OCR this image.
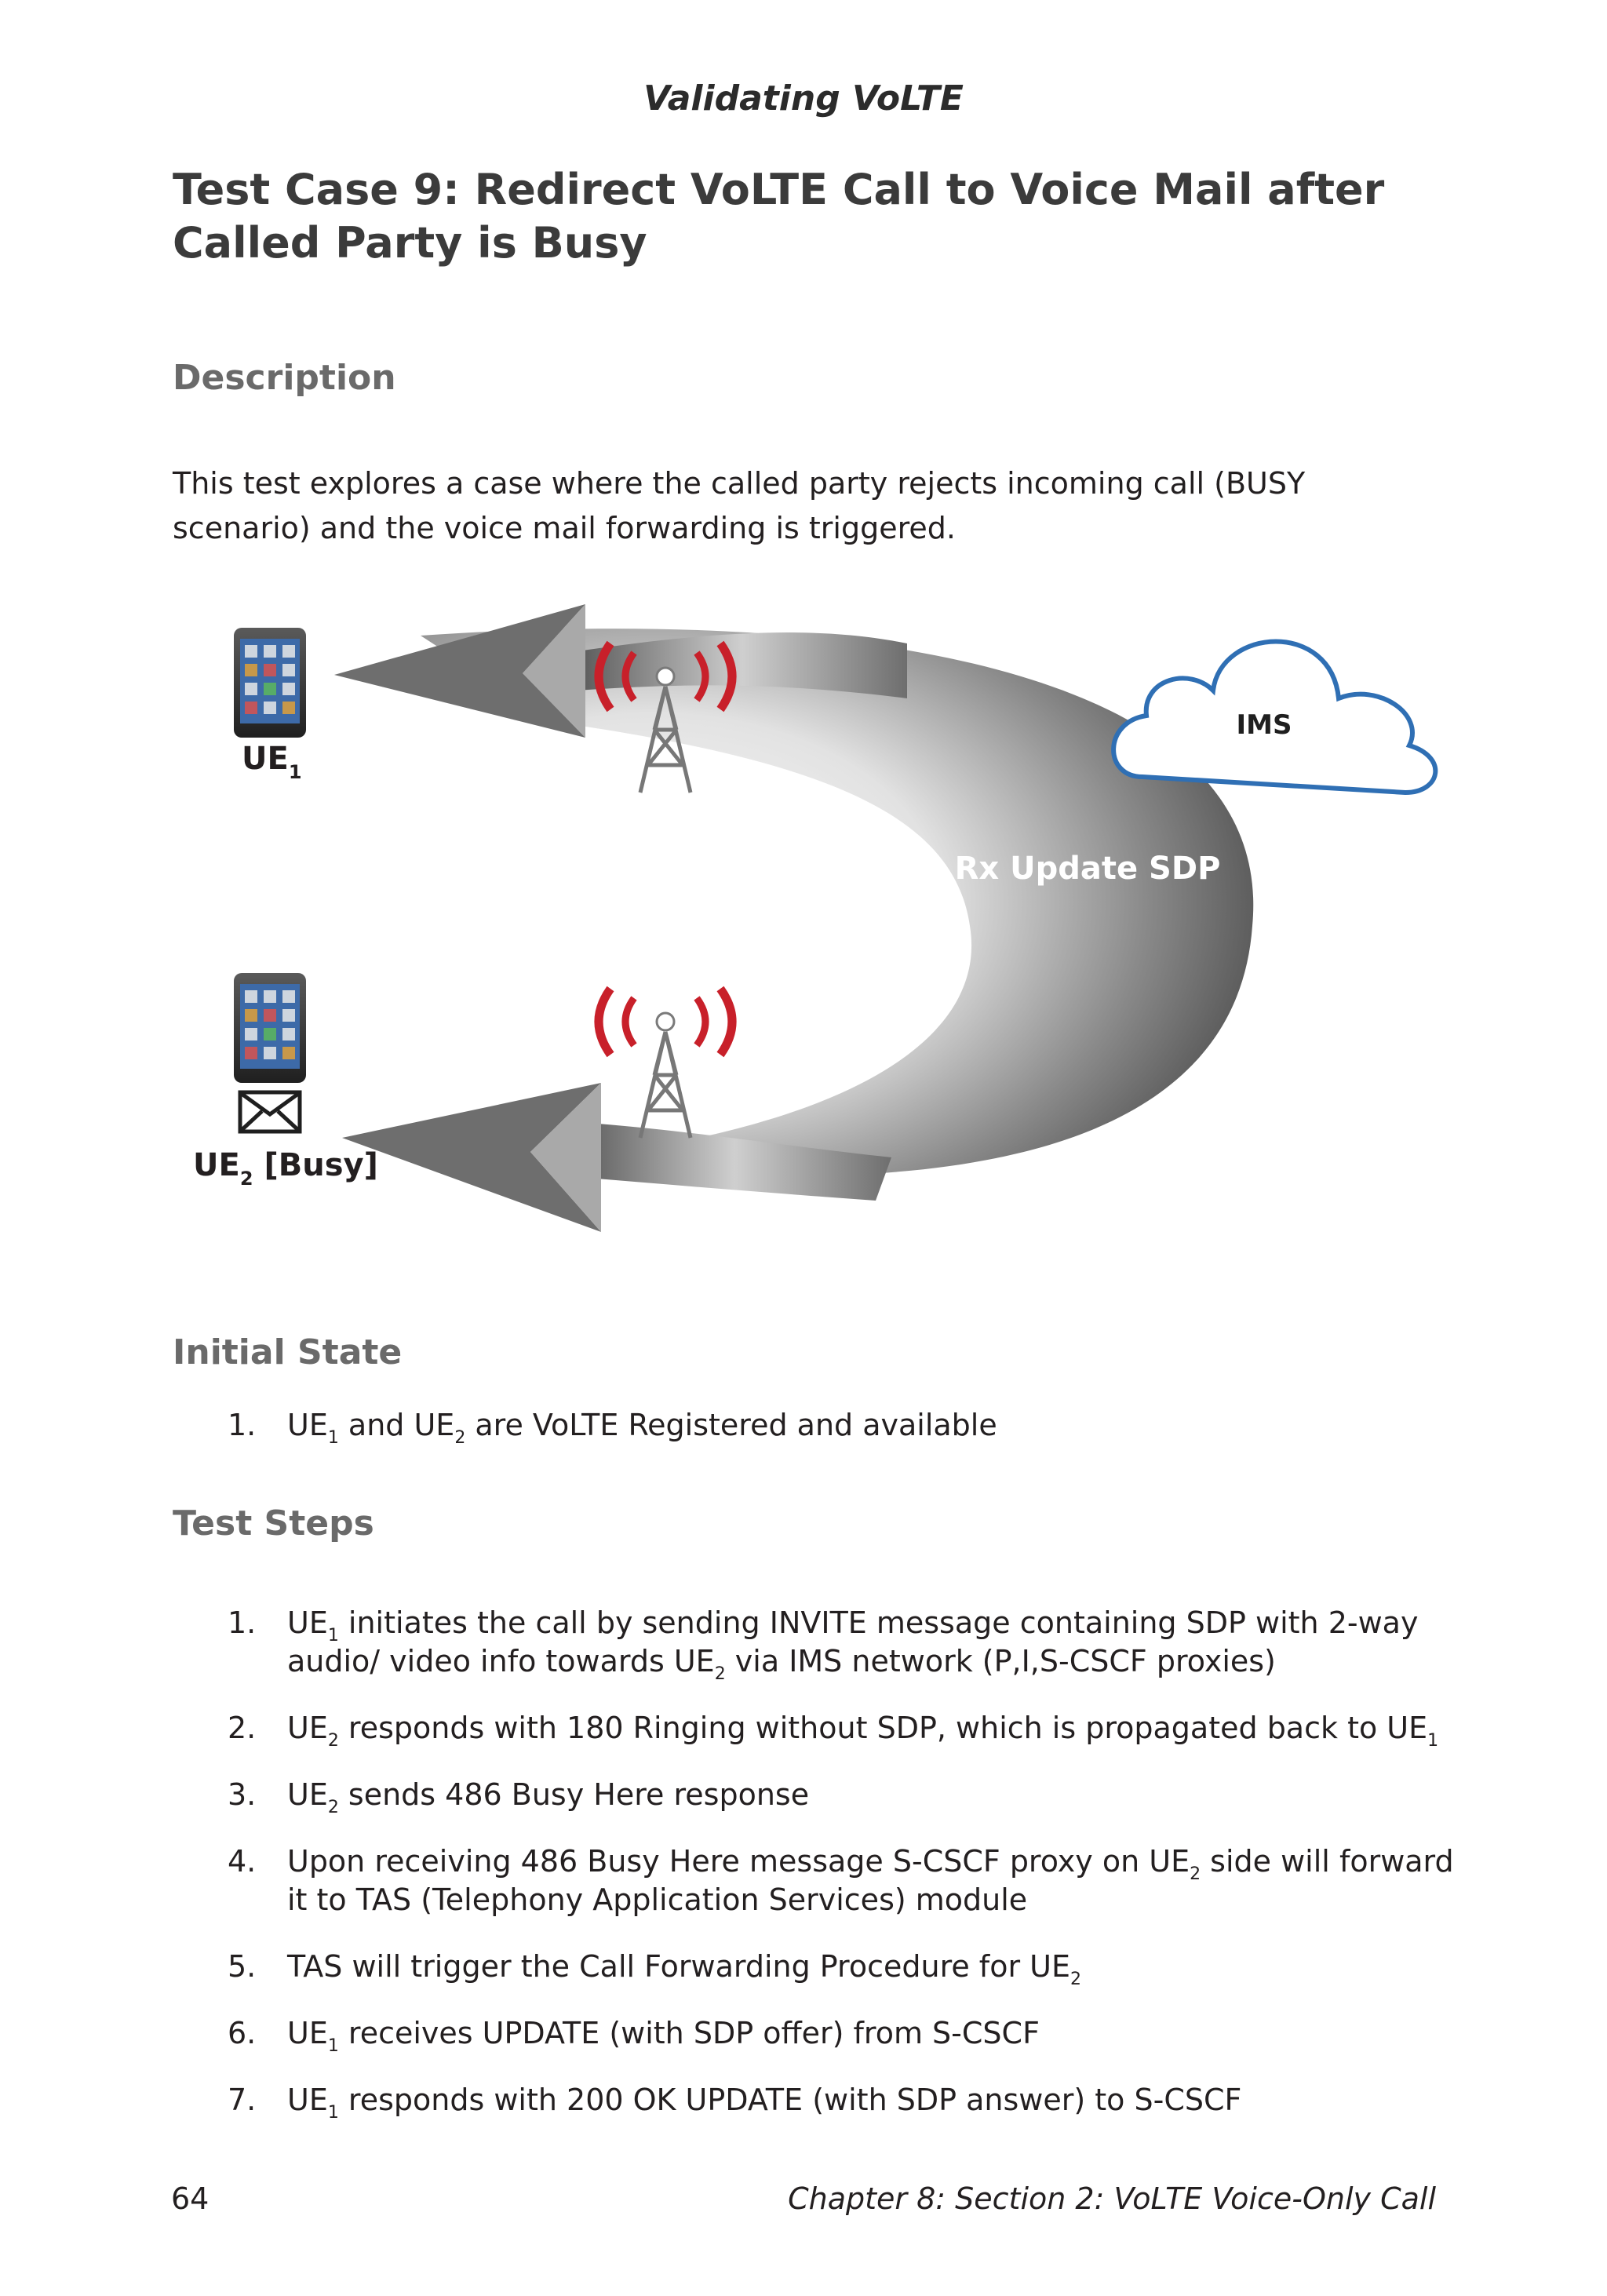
Validating VoLTE
Test Case 9: Redirect VoLTE Call to Voice Mail after Called Party is Busy
Description

This test explores a case where the called party rejects incoming call (BUSY scenario) and the voice mail forwarding is triggered.

IMS
Rx Update SDP
$UE_1$
$UE_2$ [Busy]
Initial State
1. $UE_1$ and $UE_2$ are VoLTE Registered and available
Test Steps
1. $UE_1$ initiates the call by sending INVITE message containing SDP with 2-way audio/ video info towards $UE_2$ via IMS network (P,I,S-CSCF proxies)
2. $UE_2$ responds with 180 Ringing without SDP, which is propagated back to $UE_1$
3. $UE_2$ sends 486 Busy Here response
4. Upon receiving 486 Busy Here message S-CSCF proxy on $UE_2$ side will forward it to TAS (Telephony Application Services) module
5. TAS will trigger the Call Forwarding Procedure for $UE_2$
6. $UE_1$ receives UPDATE (with SDP offer) from S-CSCF
7. $UE_1$ responds with 200 OK UPDATE (with SDP answer) to S-CSCF
64	Chapter 8: Section 2: VoLTE Voice-Only Call
